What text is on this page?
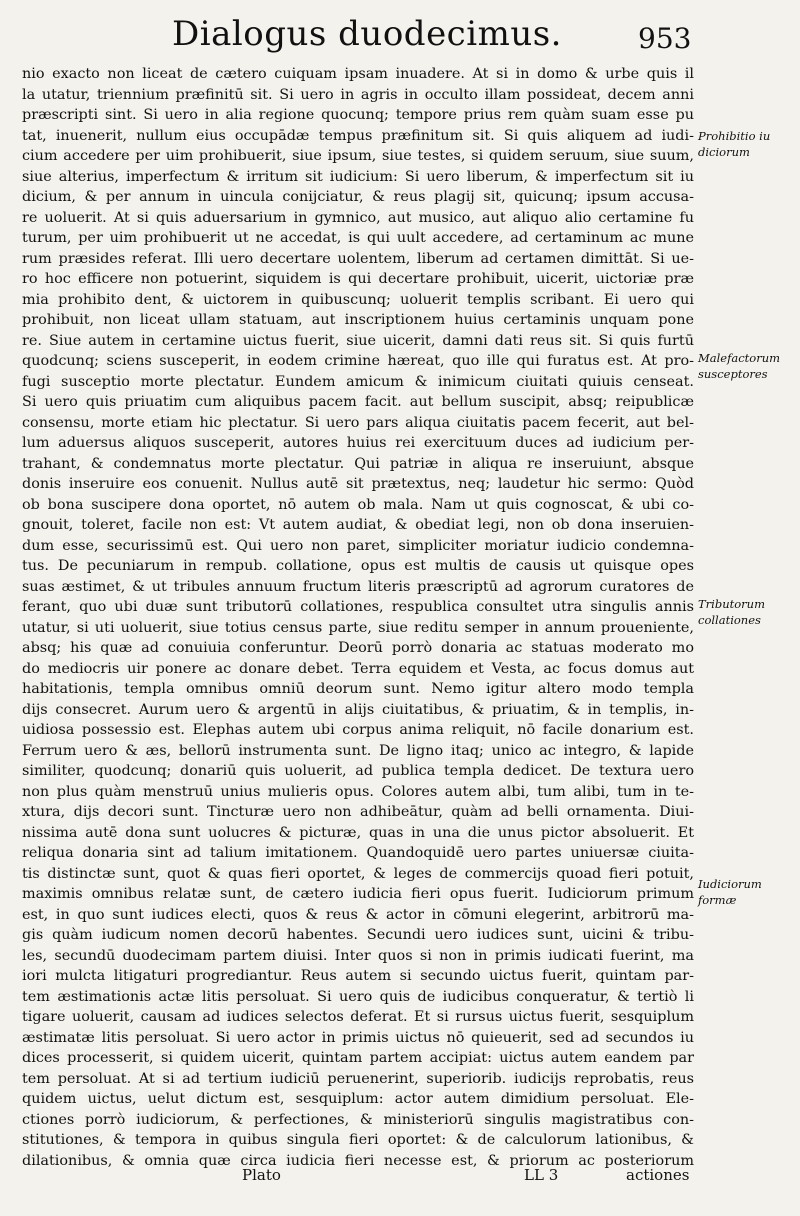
Dialogus duodecimus.	953
nio exacto non liceat de cætero cuiquam ipsam inuadere. At si in domo & urbe quis il
la utatur, triennium præfinitū sit. Si uero in agris in occulto illam possideat, decem anni
præscripti sint. Si uero in alia regione quocunq; tempore prius rem quàm suam esse pu
tat, inuenerit, nullum eius occupādæ tempus præfinitum sit. Si quis aliquem ad iudi-
cium accedere per uim prohibuerit, siue ipsum, siue testes, si quidem seruum, siue suum,
siue alterius, imperfectum & irritum sit iudicium: Si uero liberum, & imperfectum sit iu
dicium, & per annum in uincula conijciatur, & reus plagij sit, quicunq; ipsum accusa-
re uoluerit. At si quis aduersarium in gymnico, aut musico, aut aliquo alio certamine fu
turum, per uim prohibuerit ut ne accedat, is qui uult accedere, ad certaminum ac mune
rum præsides referat. Illi uero decertare uolentem, liberum ad certamen dimittāt. Si ue-
ro hoc efficere non potuerint, siquidem is qui decertare prohibuit, uicerit, uictoriæ præ
mia prohibito dent, & uictorem in quibuscunq; uoluerit templis scribant. Ei uero qui
prohibuit, non liceat ullam statuam, aut inscriptionem huius certaminis unquam pone
re. Siue autem in certamine uictus fuerit, siue uicerit, damni dati reus sit. Si quis furtū
quodcunq; sciens susceperit, in eodem crimine hæreat, quo ille qui furatus est. At pro-
fugi susceptio morte plectatur. Eundem amicum & inimicum ciuitati quiuis censeat.
Si uero quis priuatim cum aliquibus pacem facit. aut bellum suscipit, absq; reipublicæ
consensu, morte etiam hic plectatur. Si uero pars aliqua ciuitatis pacem fecerit, aut bel-
lum aduersus aliquos susceperit, autores huius rei exercituum duces ad iudicium per-
trahant, & condemnatus morte plectatur. Qui patriæ in aliqua re inseruiunt, absque
donis inseruire eos conuenit. Nullus autē sit prætextus, neq; laudetur hic sermo: Quòd
ob bona suscipere dona oportet, nō autem ob mala. Nam ut quis cognoscat, & ubi co-
gnouit, toleret, facile non est: Vt autem audiat, & obediat legi, non ob dona inseruien-
dum esse, securissimū est. Qui uero non paret, simpliciter moriatur iudicio condemna-
tus. De pecuniarum in rempub. collatione, opus est multis de causis ut quisque opes
suas æstimet, & ut tribules annuum fructum literis præscriptū ad agrorum curatores de
ferant, quo ubi duæ sunt tributorū collationes, respublica consultet utra singulis annis
utatur, si uti uoluerit, siue totius census parte, siue reditu semper in annum proueniente,
absq; his quæ ad conuiuia conferuntur. Deorū porrò donaria ac statuas moderato mo
do mediocris uir ponere ac donare debet. Terra equidem et Vesta, ac focus domus aut
habitationis, templa omnibus omniū deorum sunt. Nemo igitur altero modo templa
dijs consecret. Aurum uero & argentū in alijs ciuitatibus, & priuatim, & in templis, in-
uidiosa possessio est. Elephas autem ubi corpus anima reliquit, nō facile donarium est.
Ferrum uero & æs, bellorū instrumenta sunt. De ligno itaq; unico ac integro, & lapide
similiter, quodcunq; donariū quis uoluerit, ad publica templa dedicet. De textura uero
non plus quàm menstruū unius mulieris opus. Colores autem albi, tum alibi, tum in te-
xtura, dijs decori sunt. Tincturæ uero non adhibeātur, quàm ad belli ornamenta. Diui-
nissima autē dona sunt uolucres & picturæ, quas in una die unus pictor absoluerit. Et
reliqua donaria sint ad talium imitationem. Quandoquidē uero partes uniuersæ ciuita-
tis distinctæ sunt, quot & quas fieri oportet, & leges de commercijs quoad fieri potuit,
maximis omnibus relatæ sunt, de cætero iudicia fieri opus fuerit. Iudiciorum primum
est, in quo sunt iudices electi, quos & reus & actor in cōmuni elegerint, arbitrorū ma-
gis quàm iudicum nomen decorū habentes. Secundi uero iudices sunt, uicini & tribu-
les, secundū duodecimam partem diuisi. Inter quos si non in primis iudicati fuerint, ma
iori mulcta litigaturi progrediantur. Reus autem si secundo uictus fuerit, quintam par-
tem æstimationis actæ litis persoluat. Si uero quis de iudicibus conqueratur, & tertiò li
tigare uoluerit, causam ad iudices selectos deferat. Et si rursus uictus fuerit, sesquiplum
æstimatæ litis persoluat. Si uero actor in primis uictus nō quieuerit, sed ad secundos iu
dices processerit, si quidem uicerit, quintam partem accipiat: uictus autem eandem par
tem persoluat. At si ad tertium iudiciū peruenerint, superiorib. iudicijs reprobatis, reus
quidem uictus, uelut dictum est, sesquiplum: actor autem dimidium persoluat. Ele-
ctiones porrò iudiciorum, & perfectiones, & ministeriorū singulis magistratibus con-
stitutiones, & tempora in quibus singula fieri oportet: & de calculorum lationibus, &
dilationibus, & omnia quæ circa iudicia fieri necesse est, & priorum ac posteriorum
Prohibitio iu
diciorum
Malefactorum
susceptores
Tributorum
collationes
Iudiciorum
formæ
Plato	LL 3	actiones
